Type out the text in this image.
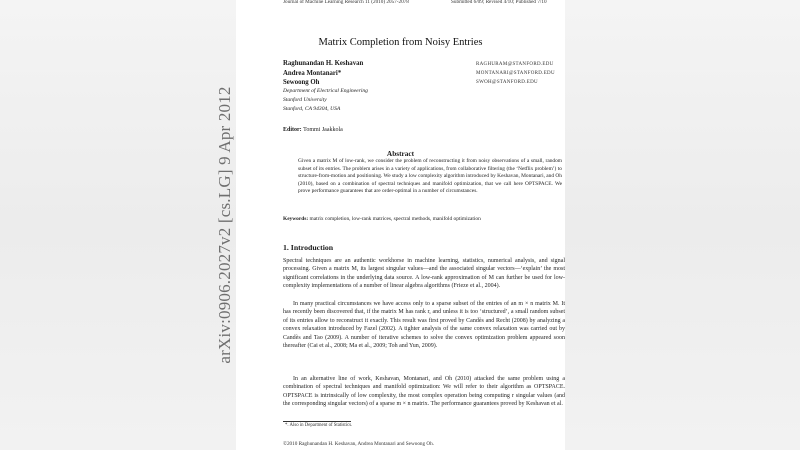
arXiv:0906.2027v2 [cs.LG] 9 Apr 2012
Journal of Machine Learning Research 11 (2010) 2057-2078	Submitted 6/09; Revised 4/10; Published 7/10
Matrix Completion from Noisy Entries
Raghunandan H. Keshavan
Andrea Montanari*
Sewoong Oh
RAGHURAM@STANFORD.EDU
MONTANARI@STANFORD.EDU
SWOH@STANFORD.EDU
Department of Electrical Engineering
Stanford University
Stanford, CA 94304, USA
Editor: Tommi Jaakkola
Abstract
Given a matrix M of low-rank, we consider the problem of reconstructing it from noisy observations of a small, random subset of its entries. The problem arises in a variety of applications, from collaborative filtering (the ‘Netflix problem’) to structure-from-motion and positioning. We study a low complexity algorithm introduced by Keshavan, Montanari, and Oh (2010), based on a combination of spectral techniques and manifold optimization, that we call here OPTSPACE. We prove performance guarantees that are order-optimal in a number of circumstances.
Keywords: matrix completion, low-rank matrices, spectral methods, manifold optimization
1. Introduction
Spectral techniques are an authentic workhorse in machine learning, statistics, numerical analysis, and signal processing. Given a matrix M, its largest singular values—and the associated singular vectors—‘explain’ the most significant correlations in the underlying data source. A low-rank approximation of M can further be used for low-complexity implementations of a number of linear algebra algorithms (Frieze et al., 2004).
In many practical circumstances we have access only to a sparse subset of the entries of an m × n matrix M. It has recently been discovered that, if the matrix M has rank r, and unless it is too ‘structured’, a small random subset of its entries allow to reconstruct it exactly. This result was first proved by Candès and Recht (2008) by analyzing a convex relaxation introduced by Fazel (2002). A tighter analysis of the same convex relaxation was carried out by Candès and Tao (2009). A number of iterative schemes to solve the convex optimization problem appeared soon thereafter (Cai et al., 2008; Ma et al., 2009; Toh and Yun, 2009).
In an alternative line of work, Keshavan, Montanari, and Oh (2010) attacked the same problem using a combination of spectral techniques and manifold optimization: We will refer to their algorithm as OPTSPACE. OPTSPACE is intrinsically of low complexity, the most complex operation being computing r singular values (and the corresponding singular vectors) of a sparse m × n matrix. The performance guarantees proved by Keshavan et al.
*. Also in Department of Statistics.
©2010 Raghunandan H. Keshavan, Andrea Montanari and Sewoong Oh.
